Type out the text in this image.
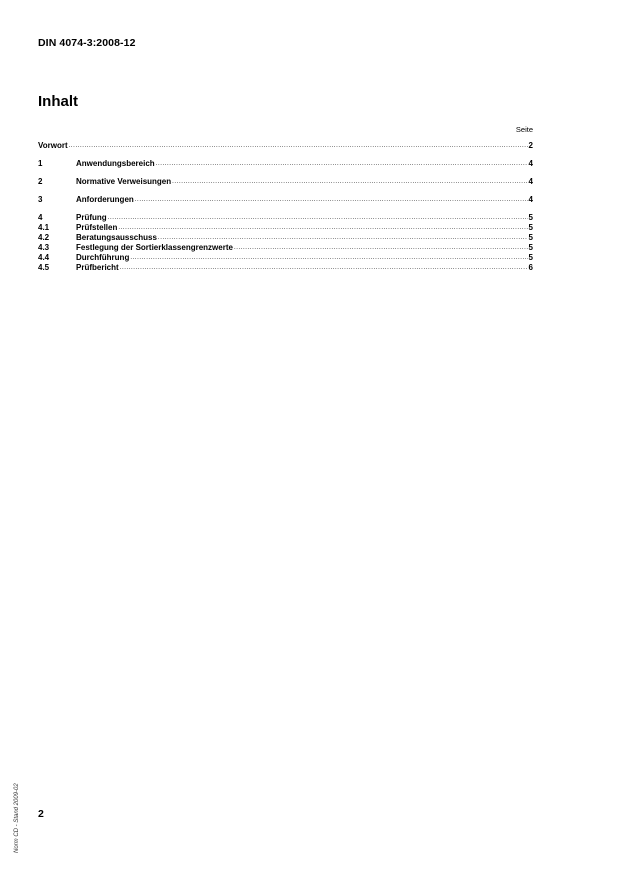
DIN 4074-3:2008-12
Inhalt
Seite
Vorwort .....	2
1	Anwendungsbereich .....	4
2	Normative Verweisungen .....	4
3	Anforderungen .....	4
4	Prüfung .....	5
4.1	Prüfstellen .....	5
4.2	Beratungsausschuss .....	5
4.3	Festlegung der Sortierklassengrenzwerte .....	5
4.4	Durchführung .....	5
4.5	Prüfbericht .....	6
2
Norm CD - Stand 2009-02
